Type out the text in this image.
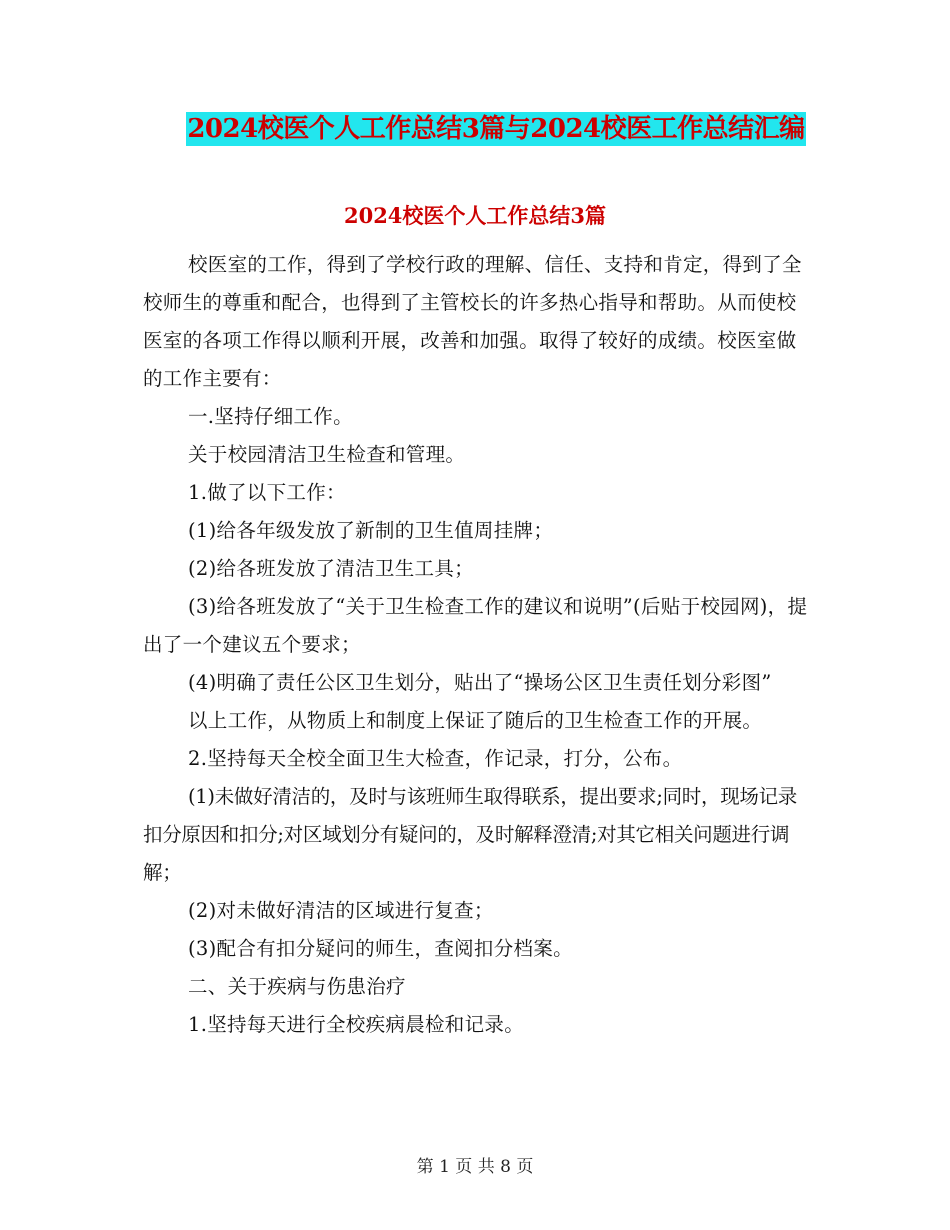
2024校医个人工作总结3篇与2024校医工作总结汇编
2024校医个人工作总结3篇

校医室的工作，得到了学校行政的理解、信任、支持和肯定，得到了全校师生的尊重和配合，也得到了主管校长的许多热心指导和帮助。从而使校医室的各项工作得以顺利开展，改善和加强。取得了较好的成绩。校医室做的工作主要有：

一.坚持仔细工作。

关于校园清洁卫生检查和管理。

1.做了以下工作：

(1)给各年级发放了新制的卫生值周挂牌；

(2)给各班发放了清洁卫生工具；

(3)给各班发放了“关于卫生检查工作的建议和说明”(后贴于校园网)，提出了一个建议五个要求；

(4)明确了责任公区卫生划分，贴出了“操场公区卫生责任划分彩图”

以上工作，从物质上和制度上保证了随后的卫生检查工作的开展。

2.坚持每天全校全面卫生大检查，作记录，打分，公布。

(1)未做好清洁的，及时与该班师生取得联系，提出要求;同时，现场记录扣分原因和扣分;对区域划分有疑问的，及时解释澄清;对其它相关问题进行调解；

(2)对未做好清洁的区域进行复查；

(3)配合有扣分疑问的师生，查阅扣分档案。

二、关于疾病与伤患治疗

1.坚持每天进行全校疾病晨检和记录。

第 1 页 共 8 页
